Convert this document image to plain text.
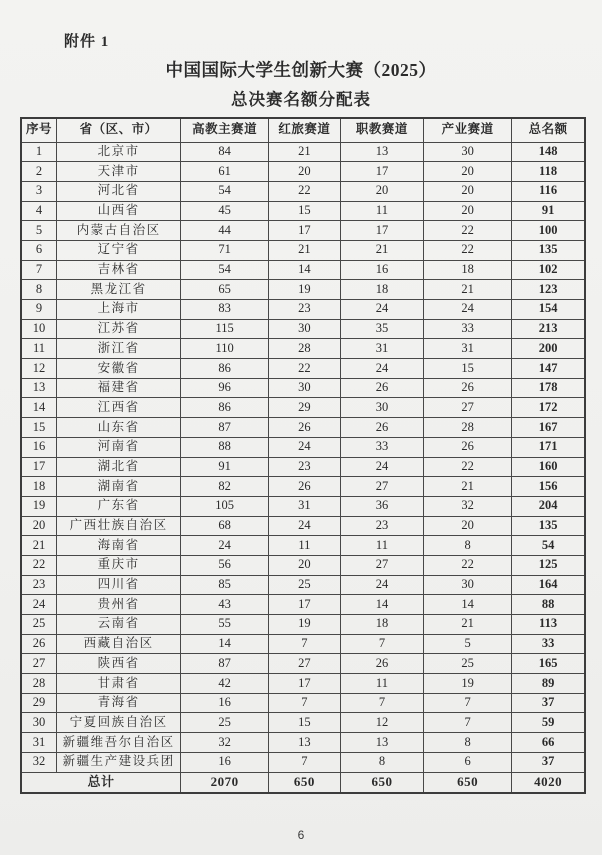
附件 1
中国国际大学生创新大赛（2025）
总决赛名额分配表
序号	省（区、市）	高教主赛道	红旅赛道	职教赛道	产业赛道	总名额
1	北京市	84	21	13	30	148
2	天津市	61	20	17	20	118
3	河北省	54	22	20	20	116
4	山西省	45	15	11	20	91
5	内蒙古自治区	44	17	17	22	100
6	辽宁省	71	21	21	22	135
7	吉林省	54	14	16	18	102
8	黑龙江省	65	19	18	21	123
9	上海市	83	23	24	24	154
10	江苏省	115	30	35	33	213
11	浙江省	110	28	31	31	200
12	安徽省	86	22	24	15	147
13	福建省	96	30	26	26	178
14	江西省	86	29	30	27	172
15	山东省	87	26	26	28	167
16	河南省	88	24	33	26	171
17	湖北省	91	23	24	22	160
18	湖南省	82	26	27	21	156
19	广东省	105	31	36	32	204
20	广西壮族自治区	68	24	23	20	135
21	海南省	24	11	11	8	54
22	重庆市	56	20	27	22	125
23	四川省	85	25	24	30	164
24	贵州省	43	17	14	14	88
25	云南省	55	19	18	21	113
26	西藏自治区	14	7	7	5	33
27	陕西省	87	27	26	25	165
28	甘肃省	42	17	11	19	89
29	青海省	16	7	7	7	37
30	宁夏回族自治区	25	15	12	7	59
31	新疆维吾尔自治区	32	13	13	8	66
32	新疆生产建设兵团	16	7	8	6	37
总计		2070	650	650	650	4020
6
